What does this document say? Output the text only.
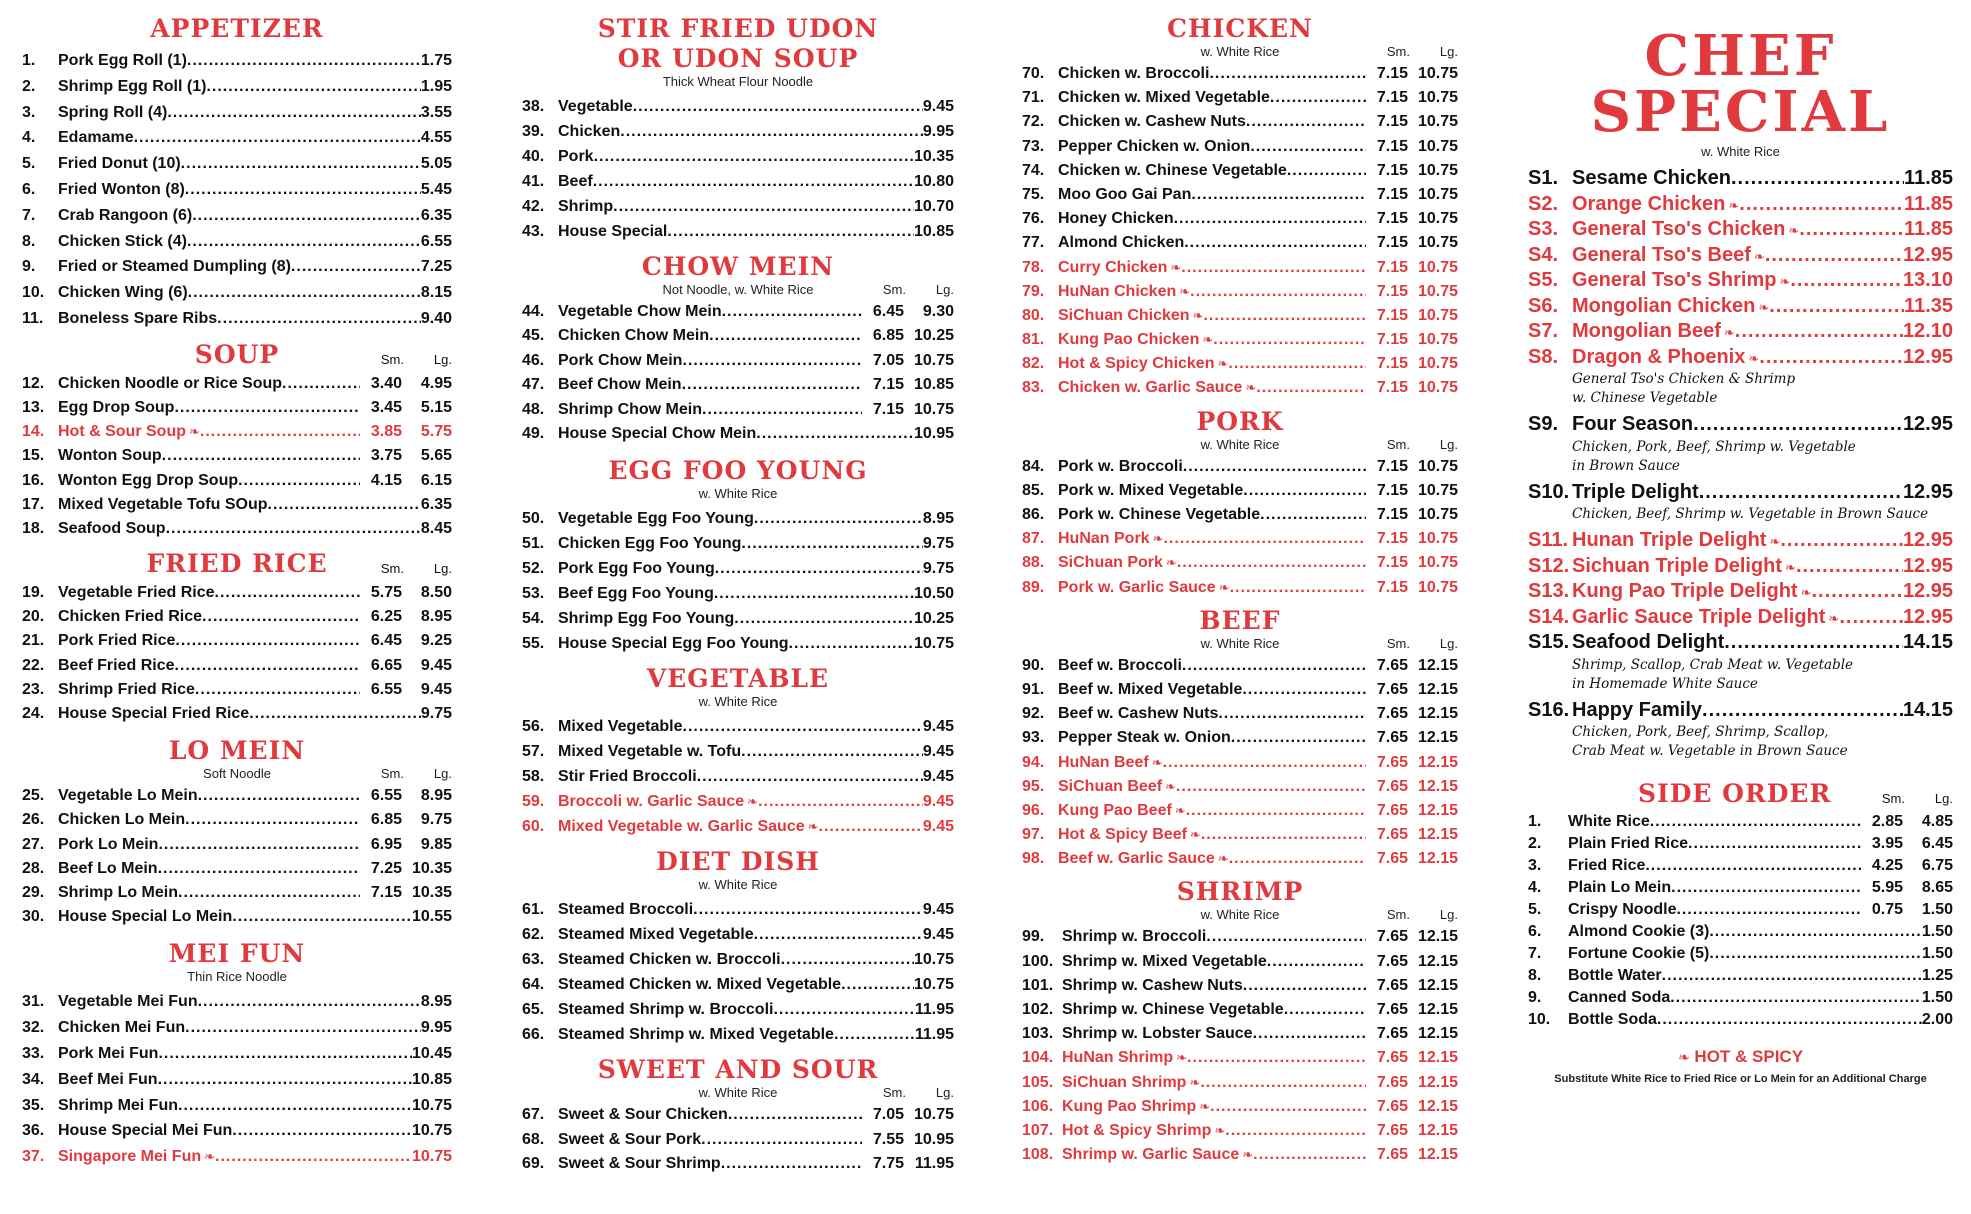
APPETIZER
1.	Pork Egg Roll (1) .....	1.75
2.	Shrimp Egg Roll (1) .....	1.95
3.	Spring Roll (4) .....	3.55
4.	Edamame .....	4.55
5.	Fried Donut (10) .....	5.05
6.	Fried Wonton (8) .....	5.45
7.	Crab Rangoon (6) .....	6.35
8.	Chicken Stick (4) .....	6.55
9.	Fried or Steamed Dumpling (8) .....	7.25
10. Chicken Wing (6) .....	8.15
11. Boneless Spare Ribs .....	9.40
SOUP	Sm. Lg.
12. Chicken Noodle or Rice Soup .....	3.40	4.95
13. Egg Drop Soup .....	3.45	5.15
14. Hot & Sour Soup ❧ .....	3.85	5.75
15. Wonton Soup .....	3.75	5.65
16. Wonton Egg Drop Soup .....	4.15	6.15
17. Mixed Vegetable Tofu SOup .....	6.35
18. Seafood Soup .....	8.45
FRIED RICE	Sm. Lg.
19. Vegetable Fried Rice .....	5.75	8.50
20. Chicken Fried Rice .....	6.25	8.95
21. Pork Fried Rice .....	6.45	9.25
22. Beef Fried Rice .....	6.65	9.45
23. Shrimp Fried Rice .....	6.55	9.45
24. House Special Fried Rice .....	9.75
LO MEIN
Soft Noodle	Sm. Lg.
25. Vegetable Lo Mein .....	6.55	8.95
26. Chicken Lo Mein .....	6.85	9.75
27. Pork Lo Mein .....	6.95	9.85
28. Beef Lo Mein .....	7.25 10.35
29. Shrimp Lo Mein .....	7.15 10.35
30. House Special Lo Mein .....	10.55
MEI FUN
Thin Rice Noodle
31. Vegetable Mei Fun .....	8.95
32. Chicken Mei Fun .....	9.95
33. Pork Mei Fun .....	10.45
34. Beef Mei Fun .....	10.85
35. Shrimp Mei Fun .....	10.75
36. House Special Mei Fun .....	10.75
37. Singapore Mei Fun ❧ .....	10.75
STIR FRIED UDON
OR UDON SOUP
Thick Wheat Flour Noodle
38. Vegetable .....	9.45
39. Chicken .....	9.95
40. Pork .....	10.35
41. Beef .....	10.80
42. Shrimp .....	10.70
43. House Special .....	10.85
CHOW MEIN
Not Noodle, w. White Rice	Sm. Lg.
44. Vegetable Chow Mein .....	6.45	9.30
45. Chicken Chow Mein .....	6.85 10.25
46. Pork Chow Mein .....	7.05 10.75
47. Beef Chow Mein .....	7.15 10.85
48. Shrimp Chow Mein .....	7.15 10.75
49. House Special Chow Mein .....	10.95
EGG FOO YOUNG
w. White Rice
50. Vegetable Egg Foo Young .....	8.95
51. Chicken Egg Foo Young .....	9.75
52. Pork Egg Foo Young .....	9.75
53. Beef Egg Foo Young .....	10.50
54. Shrimp Egg Foo Young .....	10.25
55. House Special Egg Foo Young .....	10.75
VEGETABLE
w. White Rice
56. Mixed Vegetable .....	9.45
57. Mixed Vegetable w. Tofu .....	9.45
58. Stir Fried Broccoli .....	9.45
59. Broccoli w. Garlic Sauce ❧ .....	9.45
60. Mixed Vegetable w. Garlic Sauce ❧ .....	9.45
DIET DISH
w. White Rice
61. Steamed Broccoli .....	9.45
62. Steamed Mixed Vegetable .....	9.45
63. Steamed Chicken w. Broccoli .....	10.75
64. Steamed Chicken w. Mixed Vegetable .....	10.75
65. Steamed Shrimp w. Broccoli .....	11.95
66. Steamed Shrimp w. Mixed Vegetable .....	11.95
SWEET AND SOUR
w. White Rice	Sm. Lg.
67. Sweet & Sour Chicken .....	7.05 10.75
68. Sweet & Sour Pork .....	7.55 10.95
69. Sweet & Sour Shrimp .....	7.75 11.95
CHICKEN
w. White Rice	Sm. Lg.
70. Chicken w. Broccoli .....	7.15 10.75
71. Chicken w. Mixed Vegetable .....	7.15 10.75
72. Chicken w. Cashew Nuts .....	7.15 10.75
73. Pepper Chicken w. Onion .....	7.15 10.75
74. Chicken w. Chinese Vegetable .....	7.15 10.75
75. Moo Goo Gai Pan .....	7.15 10.75
76. Honey Chicken .....	7.15 10.75
77. Almond Chicken .....	7.15 10.75
78. Curry Chicken ❧ .....	7.15 10.75
79. HuNan Chicken ❧ .....	7.15 10.75
80. SiChuan Chicken ❧ .....	7.15 10.75
81. Kung Pao Chicken ❧ .....	7.15 10.75
82. Hot & Spicy Chicken ❧ .....	7.15 10.75
83. Chicken w. Garlic Sauce ❧ .....	7.15 10.75
PORK
w. White Rice	Sm. Lg.
84. Pork w. Broccoli .....	7.15 10.75
85. Pork w. Mixed Vegetable .....	7.15 10.75
86. Pork w. Chinese Vegetable .....	7.15 10.75
87. HuNan Pork ❧ .....	7.15 10.75
88. SiChuan Pork ❧ .....	7.15 10.75
89. Pork w. Garlic Sauce ❧ .....	7.15 10.75
BEEF
w. White Rice	Sm. Lg.
90. Beef w. Broccoli .....	7.65 12.15
91. Beef w. Mixed Vegetable .....	7.65 12.15
92. Beef w. Cashew Nuts .....	7.65 12.15
93. Pepper Steak w. Onion .....	7.65 12.15
94. HuNan Beef ❧ .....	7.65 12.15
95. SiChuan Beef ❧ .....	7.65 12.15
96. Kung Pao Beef ❧ .....	7.65 12.15
97. Hot & Spicy Beef ❧ .....	7.65 12.15
98. Beef w. Garlic Sauce ❧ .....	7.65 12.15
SHRIMP
w. White Rice	Sm. Lg.
99.	Shrimp w. Broccoli .....	7.65 12.15
100. Shrimp w. Mixed Vegetable .....	7.65 12.15
101. Shrimp w. Cashew Nuts .....	7.65 12.15
102. Shrimp w. Chinese Vegetable .....	7.65 12.15
103. Shrimp w. Lobster Sauce .....	7.65 12.15
104. HuNan Shrimp ❧ .....	7.65 12.15
105. SiChuan Shrimp ❧ .....	7.65 12.15
106. Kung Pao Shrimp ❧ .....	7.65 12.15
107. Hot & Spicy Shrimp ❧ .....	7.65 12.15
108. Shrimp w. Garlic Sauce ❧ .....	7.65 12.15
CHEF
SPECIAL
w. White Rice
S1. Sesame Chicken .....	11.85
S2. Orange Chicken ❧ .....	11.85
S3. General Tso's Chicken ❧ .....	11.85
S4. General Tso's Beef ❧ .....	12.95
S5. General Tso's Shrimp ❧ .....	13.10
S6. Mongolian Chicken ❧ .....	11.35
S7. Mongolian Beef ❧ .....	12.10
S8. Dragon & Phoenix ❧ .....	12.95
General Tso's Chicken & Shrimp
w. Chinese Vegetable
S9. Four Season .....	12.95
Chicken, Pork, Beef, Shrimp w. Vegetable
in Brown Sauce
S10. Triple Delight .....	12.95
Chicken, Beef, Shrimp w. Vegetable in Brown Sauce
S11. Hunan Triple Delight ❧ .....	12.95
S12. Sichuan Triple Delight ❧ .....	12.95
S13. Kung Pao Triple Delight ❧ .....	12.95
S14. Garlic Sauce Triple Delight ❧ .....	12.95
S15. Seafood Delight .....	14.15
Shrimp, Scallop, Crab Meat w. Vegetable
in Homemade White Sauce
S16. Happy Family .....	14.15
Chicken, Pork, Beef, Shrimp, Scallop,
Crab Meat w. Vegetable in Brown Sauce
SIDE ORDER	Sm. Lg.
1.	White Rice .....	2.85	4.85
2.	Plain Fried Rice .....	3.95	6.45
3.	Fried Rice .....	4.25	6.75
4.	Plain Lo Mein .....	5.95	8.65
5.	Crispy Noodle .....	0.75	1.50
6.	Almond Cookie (3) .....	1.50
7.	Fortune Cookie (5) .....	1.50
8.	Bottle Water .....	1.25
9.	Canned Soda .....	1.50
10.	Bottle Soda .....	2.00
❧ HOT & SPICY
Substitute White Rice to Fried Rice or Lo Mein for an Additional Charge
